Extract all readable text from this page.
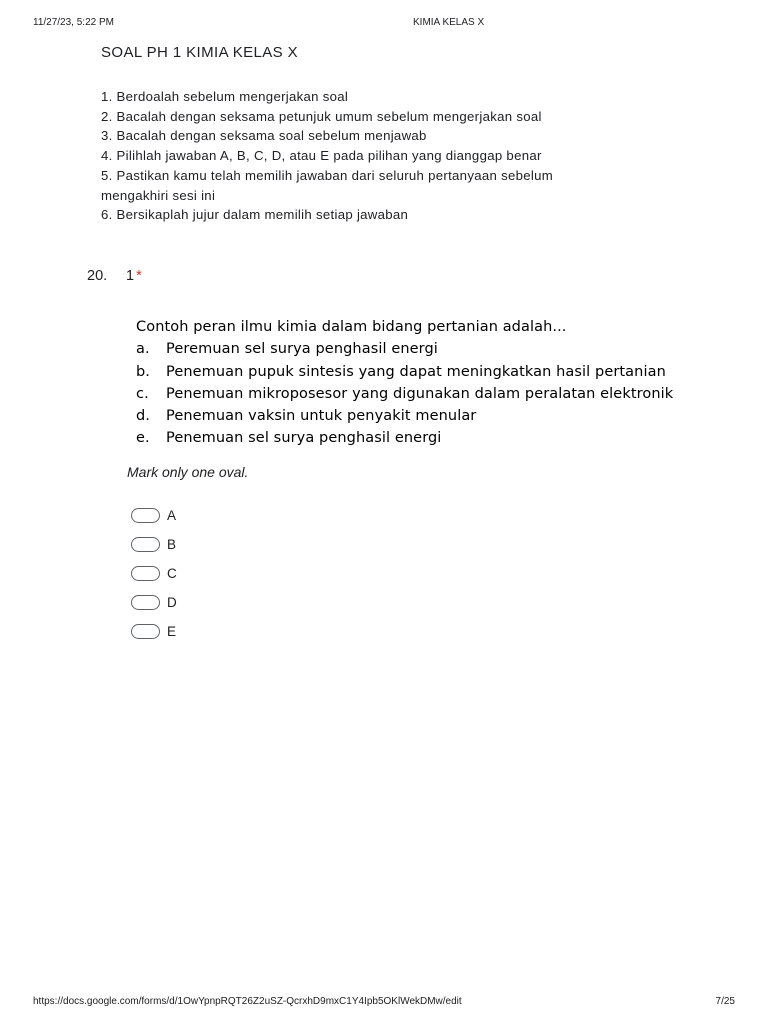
11/27/23, 5:22 PM	KIMIA KELAS X
SOAL PH 1 KIMIA KELAS X
1. Berdoalah sebelum mengerjakan soal
2. Bacalah dengan seksama petunjuk umum sebelum mengerjakan soal
3. Bacalah dengan seksama soal sebelum menjawab
4. Pilihlah jawaban A, B, C, D, atau E pada pilihan yang dianggap benar
5. Pastikan kamu telah memilih jawaban dari seluruh pertanyaan sebelum
mengakhiri sesi ini
6. Bersikaplah jujur dalam memilih setiap jawaban
20. 1 *
Contoh peran ilmu kimia dalam bidang pertanian adalah...
a. Peremuan sel surya penghasil energi
b. Penemuan pupuk sintesis yang dapat meningkatkan hasil pertanian
c. Penemuan mikroposesor yang digunakan dalam peralatan elektronik
d. Penemuan vaksin untuk penyakit menular
e. Penemuan sel surya penghasil energi
Mark only one oval.
A
B
C
D
E
https://docs.google.com/forms/d/1OwYpnpRQT26Z2uSZ-QcrxhD9mxC1Y4Ipb5OKlWekDMw/edit	7/25
